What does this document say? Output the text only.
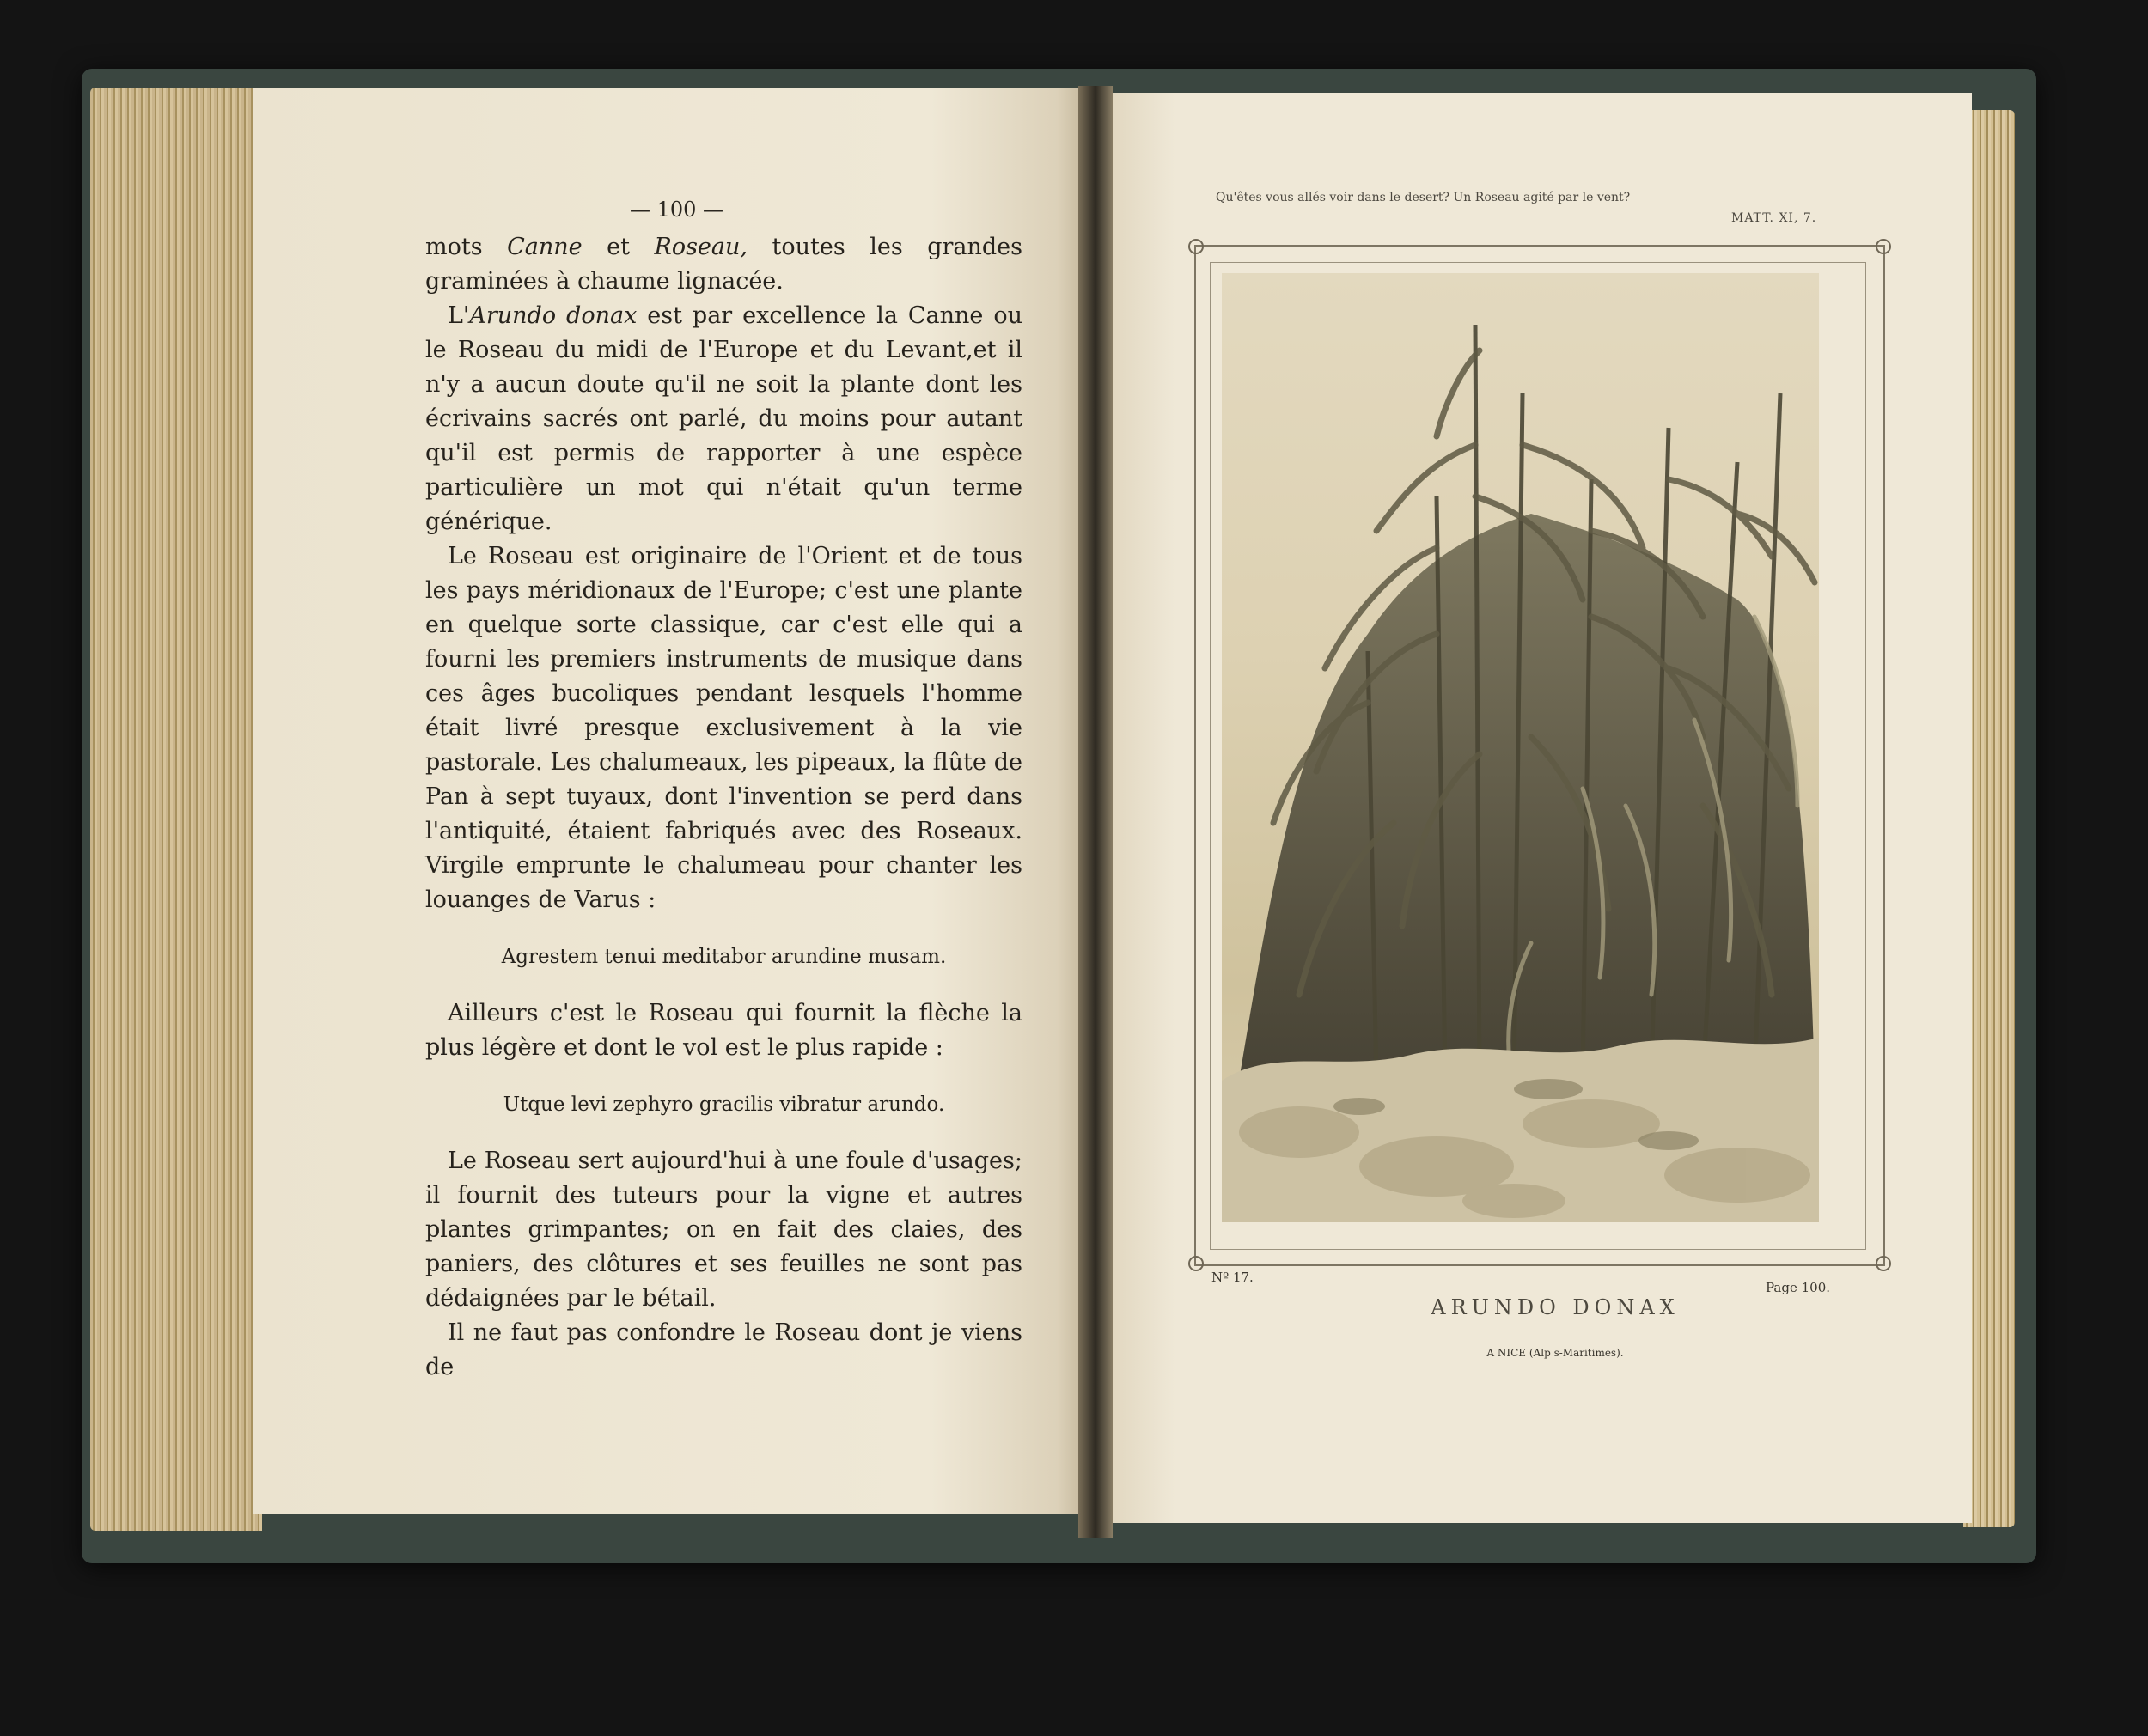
— 100 —

mots Canne et Roseau, toutes les grandes graminées à chaume lignacée.

L'Arundo donax est par excellence la Canne ou le Roseau du midi de l'Europe et du Levant,et il n'y a aucun doute qu'il ne soit la plante dont les écrivains sacrés ont parlé, du moins pour autant qu'il est permis de rapporter à une espèce particulière un mot qui n'était qu'un terme générique.

Le Roseau est originaire de l'Orient et de tous les pays méridionaux de l'Europe; c'est une plante en quelque sorte classique, car c'est elle qui a fourni les premiers instruments de musique dans ces âges bucoliques pendant lesquels l'homme était livré presque exclusivement à la vie pastorale. Les chalumeaux, les pipeaux, la flûte de Pan à sept tuyaux, dont l'invention se perd dans l'antiquité, étaient fabriqués avec des Roseaux. Virgile emprunte le chalumeau pour chanter les louanges de Varus :

Agrestem tenui meditabor arundine musam.

Ailleurs c'est le Roseau qui fournit la flèche la plus légère et dont le vol est le plus rapide :

Utque levi zephyro gracilis vibratur arundo.

Le Roseau sert aujourd'hui à une foule d'usages; il fournit des tuteurs pour la vigne et autres plantes grimpantes; on en fait des claies, des paniers, des clôtures et ses feuilles ne sont pas dédaignées par le bétail.

Il ne faut pas confondre le Roseau dont je viens de

Qu'êtes vous allés voir dans le desert? Un Roseau agité par le vent?
MATT. XI, 7.
Nº 17.
Page 100.
ARUNDO DONAX
A NICE (Alp s-Maritimes).
